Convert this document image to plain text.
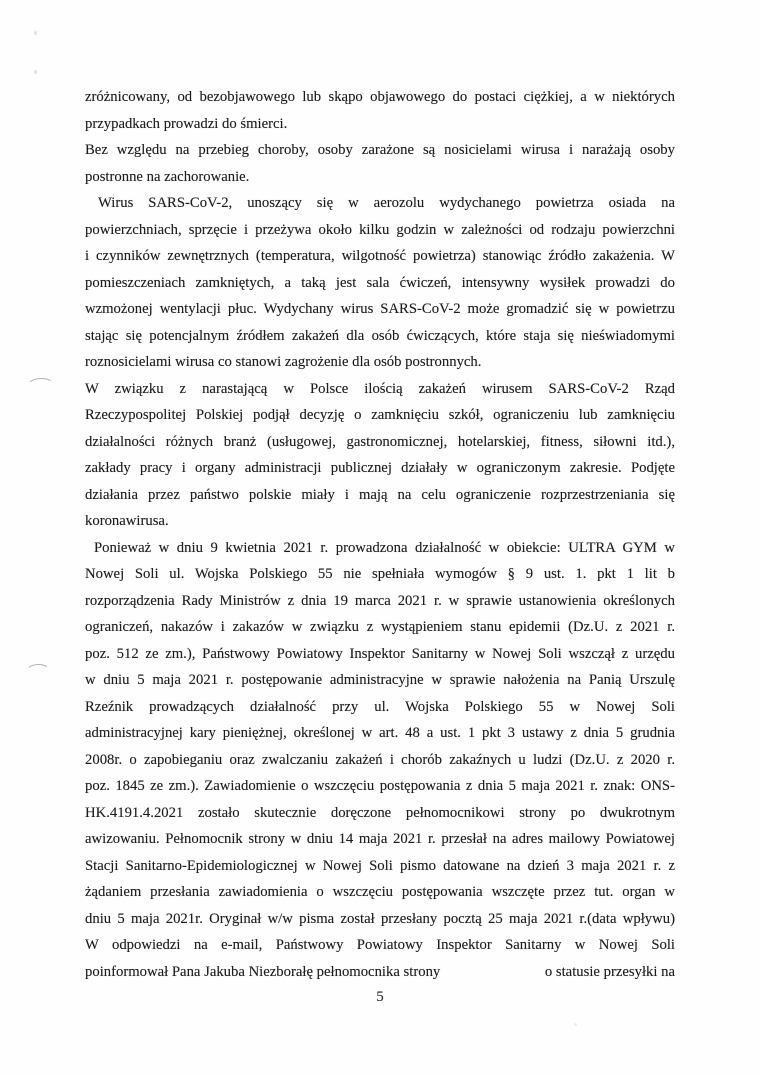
zróżnicowany, od bezobjawowego lub skąpo objawowego do postaci ciężkiej, a w niektórych
przypadkach prowadzi do śmierci.
Bez względu na przebieg choroby, osoby zarażone są nosicielami wirusa i narażają osoby
postronne na zachorowanie.
Wirus SARS-CoV-2, unoszący się w aerozolu wydychanego powietrza osiada na
powierzchniach, sprzęcie i przeżywa około kilku godzin w zależności od rodzaju powierzchni
i czynników zewnętrznych (temperatura, wilgotność powietrza) stanowiąc źródło zakażenia. W
pomieszczeniach zamkniętych, a taką jest sala ćwiczeń, intensywny wysiłek prowadzi do
wzmożonej wentylacji płuc. Wydychany wirus SARS-CoV-2 może gromadzić się w powietrzu
stając się potencjalnym źródłem zakażeń dla osób ćwiczących, które staja się nieświadomymi
roznosicielami wirusa co stanowi zagrożenie dla osób postronnych.
W związku z narastającą w Polsce ilością zakażeń wirusem SARS-CoV-2 Rząd
Rzeczypospolitej Polskiej podjął decyzję o zamknięciu szkół, ograniczeniu lub zamknięciu
działalności różnych branż (usługowej, gastronomicznej, hotelarskiej, fitness, siłowni itd.),
zakłady pracy i organy administracji publicznej działały w ograniczonym zakresie. Podjęte
działania przez państwo polskie miały i mają na celu ograniczenie rozprzestrzeniania się
koronawirusa.
Ponieważ w dniu 9 kwietnia 2021 r. prowadzona działalność w obiekcie: ULTRA GYM w
Nowej Soli ul. Wojska Polskiego 55 nie spełniała wymogów § 9 ust. 1. pkt 1 lit b
rozporządzenia Rady Ministrów z dnia 19 marca 2021 r. w sprawie ustanowienia określonych
ograniczeń, nakazów i zakazów w związku z wystąpieniem stanu epidemii (Dz.U. z 2021 r.
poz. 512 ze zm.), Państwowy Powiatowy Inspektor Sanitarny w Nowej Soli wszczął z urzędu
w dniu 5 maja 2021 r. postępowanie administracyjne w sprawie nałożenia na Panią Urszulę
Rzeźnik prowadzących działalność przy ul. Wojska Polskiego 55 w Nowej Soli
administracyjnej kary pieniężnej, określonej w art. 48 a ust. 1 pkt 3 ustawy z dnia 5 grudnia
2008r. o zapobieganiu oraz zwalczaniu zakażeń i chorób zakaźnych u ludzi (Dz.U. z 2020 r.
poz. 1845 ze zm.). Zawiadomienie o wszczęciu postępowania z dnia 5 maja 2021 r. znak: ONS-
HK.4191.4.2021 zostało skutecznie doręczone pełnomocnikowi strony po dwukrotnym
awizowaniu. Pełnomocnik strony w dniu 14 maja 2021 r. przesłał na adres mailowy Powiatowej
Stacji Sanitarno-Epidemiologicznej w Nowej Soli pismo datowane na dzień 3 maja 2021 r. z
żądaniem przesłania zawiadomienia o wszczęciu postępowania wszczęte przez tut. organ w
dniu 5 maja 2021r. Oryginał w/w pisma został przesłany pocztą 25 maja 2021 r.(data wpływu)
W odpowiedzi na e-mail, Państwowy Powiatowy Inspektor Sanitarny w Nowej Soli
poinformował Pana Jakuba Niezborałę pełnomocnika strony	o statusie przesyłki na
5
